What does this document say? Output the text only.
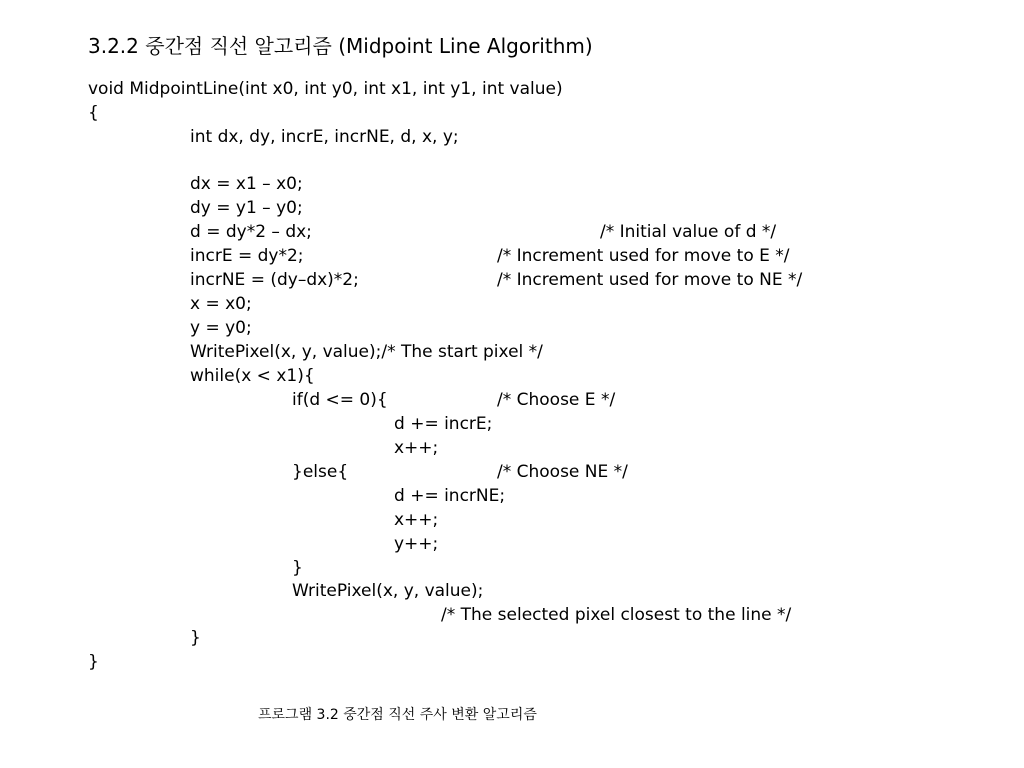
3.2.2 중간점 직선 알고리즘 (Midpoint Line Algorithm)
void MidpointLine(int x0, int y0, int x1, int y1, int value)
{
int dx, dy, incrE, incrNE, d, x, y;
dx = x1 – x0;
dy = y1 – y0;
d = dy*2 – dx;	/* Initial value of d */
incrE = dy*2;	/* Increment used for move to E */
incrNE = (dy–dx)*2;	/* Increment used for move to NE */
x = x0;
y = y0;
WritePixel(x, y, value);/* The start pixel */
while(x < x1){
if(d <= 0){	/* Choose E */
d += incrE;
x++;
}else{	/* Choose NE */
d += incrNE;
x++;
y++;
}
WritePixel(x, y, value);
/* The selected pixel closest to the line */
}
}
프로그램 3.2 중간점 직선 주사 변환 알고리즘
